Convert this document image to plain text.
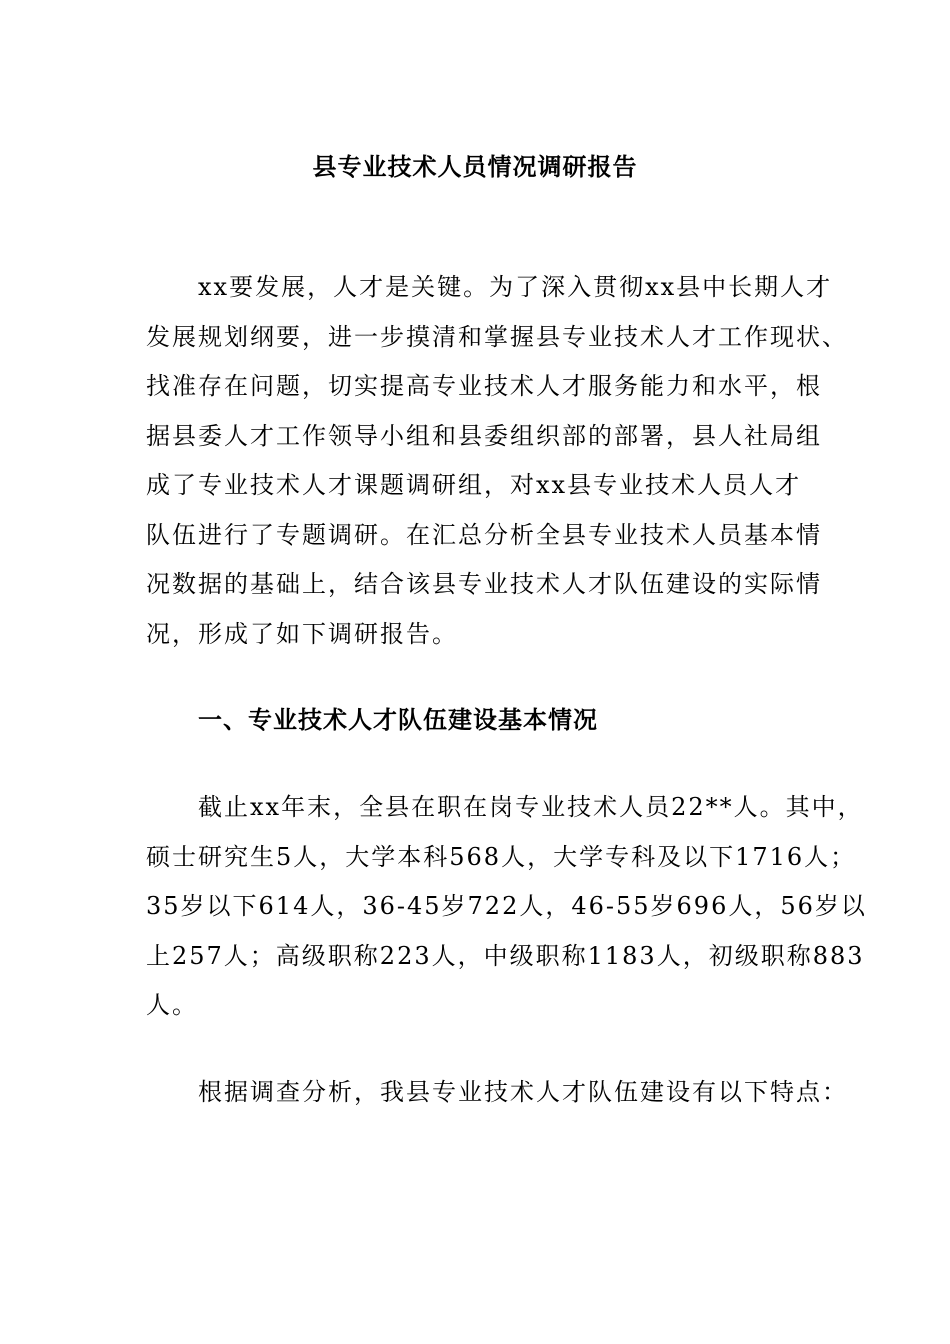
县专业技术人员情况调研报告

xx要发展，人才是关键。为了深入贯彻xx县中长期人才
发展规划纲要，进一步摸清和掌握县专业技术人才工作现状、
找准存在问题，切实提高专业技术人才服务能力和水平，根
据县委人才工作领导小组和县委组织部的部署，县人社局组
成了专业技术人才课题调研组，对xx县专业技术人员人才
队伍进行了专题调研。在汇总分析全县专业技术人员基本情
况数据的基础上，结合该县专业技术人才队伍建设的实际情
况，形成了如下调研报告。

一、专业技术人才队伍建设基本情况

截止xx年末，全县在职在岗专业技术人员22**人。其中，
硕士研究生5人，大学本科568人，大学专科及以下1716人；
35岁以下614人，36-45岁722人，46-55岁696人，56岁以
上257人；高级职称223人，中级职称1183人，初级职称883
人。

根据调查分析，我县专业技术人才队伍建设有以下特点：
